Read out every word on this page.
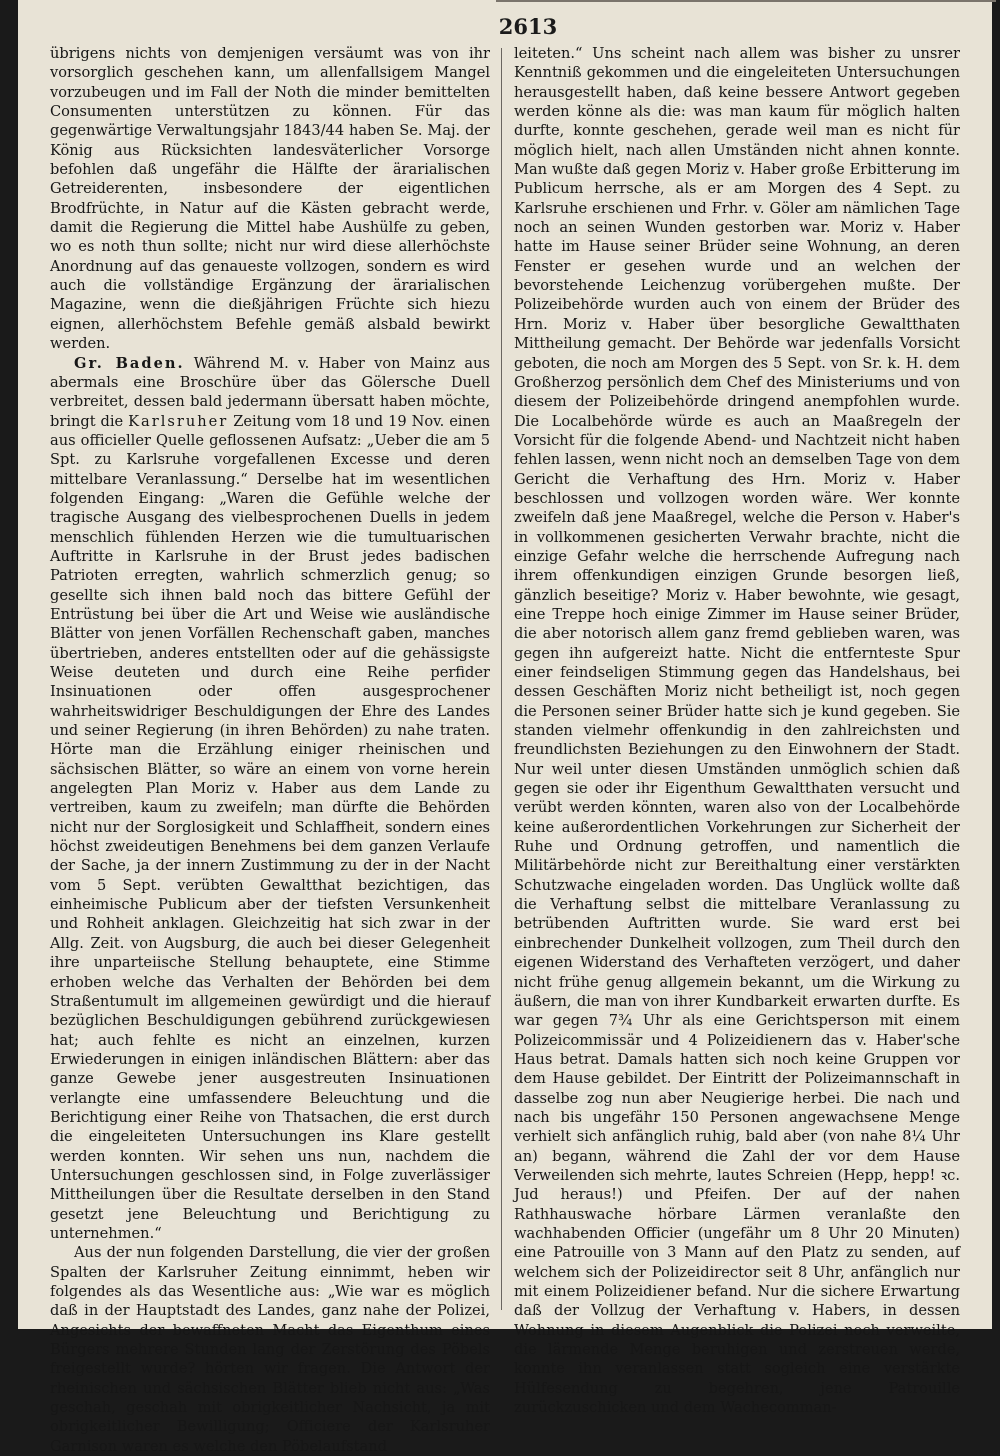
2613

übrigens nichts von demjenigen versäumt was von ihr vorsorglich geschehen kann, um allenfallsigem Mangel vorzubeugen und im Fall der Noth die minder bemittelten Consumenten unterstützen zu können. Für das gegenwärtige Verwaltungsjahr 1843/44 haben Se. Maj. der König aus Rücksichten landesväterlicher Vorsorge befohlen daß ungefähr die Hälfte der ärarialischen Getreiderenten, insbesondere der eigentlichen Brodfrüchte, in Natur auf die Kästen gebracht werde, damit die Regierung die Mittel habe Aushülfe zu geben, wo es noth thun sollte; nicht nur wird diese allerhöchste Anordnung auf das genaueste vollzogen, sondern es wird auch die vollständige Ergänzung der ärarialischen Magazine, wenn die dießjährigen Früchte sich hiezu eignen, allerhöchstem Befehle gemäß alsbald bewirkt werden.

Gr. Baden. Während M. v. Haber von Mainz aus abermals eine Broschüre über das Gölersche Duell verbreitet, dessen bald jedermann übersatt haben möchte, bringt die Karlsruher Zeitung vom 18 und 19 Nov. einen aus officieller Quelle geflossenen Aufsatz: „Ueber die am 5 Spt. zu Karlsruhe vorgefallenen Excesse und deren mittelbare Veranlassung.“ Derselbe hat im wesentlichen folgenden Eingang: „Waren die Gefühle welche der tragische Ausgang des vielbesprochenen Duells in jedem menschlich fühlenden Herzen wie die tumultuarischen Auftritte in Karlsruhe in der Brust jedes badischen Patrioten erregten, wahrlich schmerzlich genug; so gesellte sich ihnen bald noch das bittere Gefühl der Entrüstung bei über die Art und Weise wie ausländische Blätter von jenen Vorfällen Rechenschaft gaben, manches übertrieben, anderes entstellten oder auf die gehässigste Weise deuteten und durch eine Reihe perfider Insinuationen oder offen ausgesprochener wahrheitswidriger Beschuldigungen der Ehre des Landes und seiner Regierung (in ihren Behörden) zu nahe traten. Hörte man die Erzählung einiger rheinischen und sächsischen Blätter, so wäre an einem von vorne herein angelegten Plan Moriz v. Haber aus dem Lande zu vertreiben, kaum zu zweifeln; man dürfte die Behörden nicht nur der Sorglosigkeit und Schlaffheit, sondern eines höchst zweideutigen Benehmens bei dem ganzen Verlaufe der Sache, ja der innern Zustimmung zu der in der Nacht vom 5 Sept. verübten Gewaltthat bezichtigen, das einheimische Publicum aber der tiefsten Versunkenheit und Rohheit anklagen. Gleichzeitig hat sich zwar in der Allg. Zeit. von Augsburg, die auch bei dieser Gelegenheit ihre unparteiische Stellung behauptete, eine Stimme erhoben welche das Verhalten der Behörden bei dem Straßentumult im allgemeinen gewürdigt und die hierauf bezüglichen Beschuldigungen gebührend zurückgewiesen hat; auch fehlte es nicht an einzelnen, kurzen Erwiederungen in einigen inländischen Blättern: aber das ganze Gewebe jener ausgestreuten Insinuationen verlangte eine umfassendere Beleuchtung und die Berichtigung einer Reihe von Thatsachen, die erst durch die eingeleiteten Untersuchungen ins Klare gestellt werden konnten. Wir sehen uns nun, nachdem die Untersuchungen geschlossen sind, in Folge zuverlässiger Mittheilungen über die Resultate derselben in den Stand gesetzt jene Beleuchtung und Berichtigung zu unternehmen.“

Aus der nun folgenden Darstellung, die vier der großen Spalten der Karlsruher Zeitung einnimmt, heben wir folgendes als das Wesentliche aus: „Wie war es möglich daß in der Hauptstadt des Landes, ganz nahe der Polizei, Angesichts der bewaffneten Macht das Eigenthum eines Bürgers mehrere Stunden lang der Zerstörung des Pöbels freigestellt wurde? hörten wir fragen. Die Antwort der rheinischen und sächsischen Blätter blieb nicht aus: „Was geschah, geschah mit obrigkeitlicher Nachsicht, ja mit obrigkeitlicher Bewilligung; Officiere der Karlsruher Garnison waren es welche den Pöbelaufstand

leiteten.“ Uns scheint nach allem was bisher zu unsrer Kenntniß gekommen und die eingeleiteten Untersuchungen herausgestellt haben, daß keine bessere Antwort gegeben werden könne als die: was man kaum für möglich halten durfte, konnte geschehen, gerade weil man es nicht für möglich hielt, nach allen Umständen nicht ahnen konnte. Man wußte daß gegen Moriz v. Haber große Erbitterung im Publicum herrsche, als er am Morgen des 4 Sept. zu Karlsruhe erschienen und Frhr. v. Göler am nämlichen Tage noch an seinen Wunden gestorben war. Moriz v. Haber hatte im Hause seiner Brüder seine Wohnung, an deren Fenster er gesehen wurde und an welchen der bevorstehende Leichenzug vorübergehen mußte. Der Polizeibehörde wurden auch von einem der Brüder des Hrn. Moriz v. Haber über besorgliche Gewaltthaten Mittheilung gemacht. Der Behörde war jedenfalls Vorsicht geboten, die noch am Morgen des 5 Sept. von Sr. k. H. dem Großherzog persönlich dem Chef des Ministeriums und von diesem der Polizeibehörde dringend anempfohlen wurde. Die Localbehörde würde es auch an Maaßregeln der Vorsicht für die folgende Abend- und Nachtzeit nicht haben fehlen lassen, wenn nicht noch an demselben Tage von dem Gericht die Verhaftung des Hrn. Moriz v. Haber beschlossen und vollzogen worden wäre. Wer konnte zweifeln daß jene Maaßregel, welche die Person v. Haber's in vollkommenen gesicherten Verwahr brachte, nicht die einzige Gefahr welche die herrschende Aufregung nach ihrem offenkundigen einzigen Grunde besorgen ließ, gänzlich beseitige? Moriz v. Haber bewohnte, wie gesagt, eine Treppe hoch einige Zimmer im Hause seiner Brüder, die aber notorisch allem ganz fremd geblieben waren, was gegen ihn aufgereizt hatte. Nicht die entfernteste Spur einer feindseligen Stimmung gegen das Handelshaus, bei dessen Geschäften Moriz nicht betheiligt ist, noch gegen die Personen seiner Brüder hatte sich je kund gegeben. Sie standen vielmehr offenkundig in den zahlreichsten und freundlichsten Beziehungen zu den Einwohnern der Stadt. Nur weil unter diesen Umständen unmöglich schien daß gegen sie oder ihr Eigenthum Gewaltthaten versucht und verübt werden könnten, waren also von der Localbehörde keine außerordentlichen Vorkehrungen zur Sicherheit der Ruhe und Ordnung getroffen, und namentlich die Militärbehörde nicht zur Bereithaltung einer verstärkten Schutzwache eingeladen worden. Das Unglück wollte daß die Verhaftung selbst die mittelbare Veranlassung zu betrübenden Auftritten wurde. Sie ward erst bei einbrechender Dunkelheit vollzogen, zum Theil durch den eigenen Widerstand des Verhafteten verzögert, und daher nicht frühe genug allgemein bekannt, um die Wirkung zu äußern, die man von ihrer Kundbarkeit erwarten durfte. Es war gegen 7¾ Uhr als eine Gerichtsperson mit einem Polizeicommissär und 4 Polizeidienern das v. Haber'sche Haus betrat. Damals hatten sich noch keine Gruppen vor dem Hause gebildet. Der Eintritt der Polizeimannschaft in dasselbe zog nun aber Neugierige herbei. Die nach und nach bis ungefähr 150 Personen angewachsene Menge verhielt sich anfänglich ruhig, bald aber (von nahe 8¼ Uhr an) begann, während die Zahl der vor dem Hause Verweilenden sich mehrte, lautes Schreien (Hepp, hepp! ꝛc. Jud heraus!) und Pfeifen. Der auf der nahen Rathhauswache hörbare Lärmen veranlaßte den wachhabenden Officier (ungefähr um 8 Uhr 20 Minuten) eine Patrouille von 3 Mann auf den Platz zu senden, auf welchem sich der Polizeidirector seit 8 Uhr, anfänglich nur mit einem Polizeidiener befand. Nur die sichere Erwartung daß der Vollzug der Verhaftung v. Habers, in dessen Wohnung in diesem Augenblick die Polizei noch verweilte, die lärmende Menge beruhigen und zerstreuen werde, konnte ihn veranlassen statt sogleich eine verstärkte Hülfesendung zu begehren, jene Patrouille zurückzuschicken und dem Wachecomman-
